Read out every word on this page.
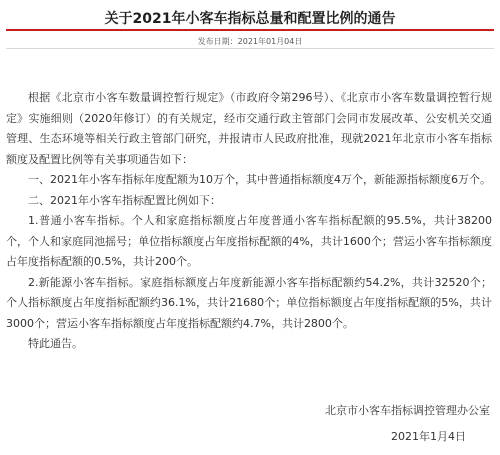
关于2021年小客车指标总量和配置比例的通告
发布日期：2021年01月04日

根据《北京市小客车数量调控暂行规定》（市政府令第296号）、《北京市小客车数量调控暂行规定》实施细则（2020年修订）的有关规定，经市交通行政主管部门会同市发展改革、公安机关交通管理、生态环境等相关行政主管部门研究，并报请市人民政府批准，现就2021年北京市小客车指标额度及配置比例等有关事项通告如下：

一、2021年小客车指标年度配额为10万个，其中普通指标额度4万个，新能源指标额度6万个。

二、2021年小客车指标配置比例如下：

1.普通小客车指标。个人和家庭指标额度占年度普通小客车指标配额的95.5%，共计38200个，个人和家庭同池摇号；单位指标额度占年度指标配额的4%，共计1600个；营运小客车指标额度占年度指标配额的0.5%，共计200个。

2.新能源小客车指标。家庭指标额度占年度新能源小客车指标配额约54.2%，共计32520个；个人指标额度占年度指标配额约36.1%，共计21680个；单位指标额度占年度指标配额的5%，共计3000个；营运小客车指标额度占年度指标配额约4.7%，共计2800个。

特此通告。

北京市小客车指标调控管理办公室
2021年1月4日
